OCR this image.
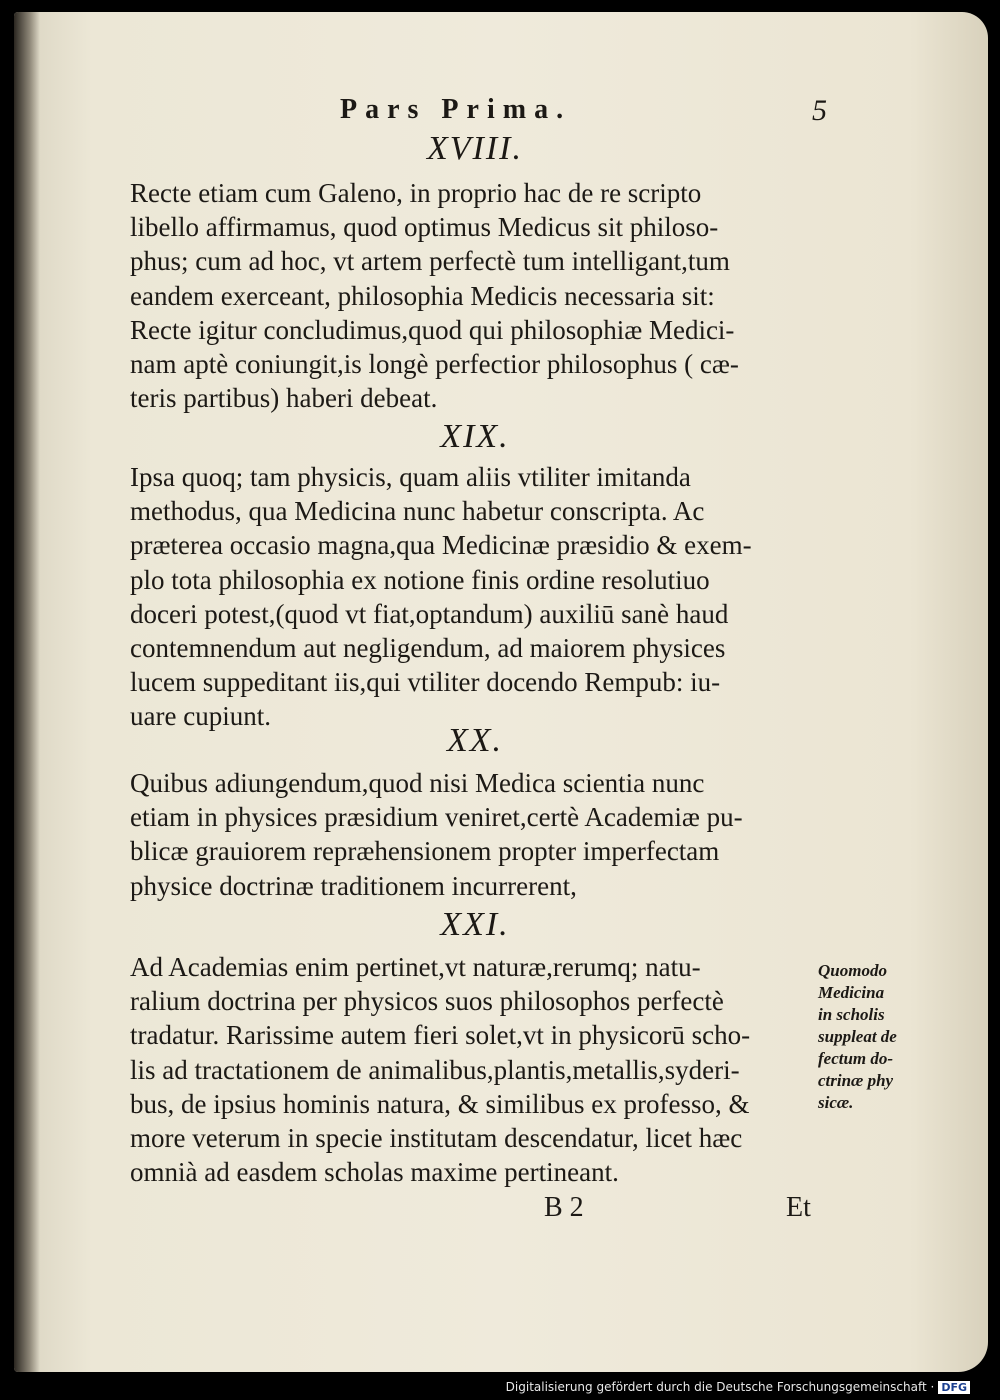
Pars Prima.	5
XVIII.
Recte etiam cum Galeno, in proprio hac de re scripto
libello affirmamus, quod optimus Medicus sit philoso-
phus; cum ad hoc, vt artem perfectè tum intelligant,tum
eandem exerceant, philosophia Medicis necessaria sit:
Recte igitur concludimus,quod qui philosophiæ Medici-
nam aptè coniungit,is longè perfectior philosophus ( cæ-
teris partibus) haberi debeat.
XIX.
Ipsa quoq; tam physicis, quam aliis vtiliter imitanda
methodus, qua Medicina nunc habetur conscripta. Ac
præterea occasio magna,qua Medicinæ præsidio & exem-
plo tota philosophia ex notione finis ordine resolutiuo
doceri potest,(quod vt fiat,optandum) auxiliū sanè haud
contemnendum aut negligendum, ad maiorem physices
lucem suppeditant iis,qui vtiliter docendo Rempub: iu-
uare cupiunt.
XX.
Quibus adiungendum,quod nisi Medica scientia nunc
etiam in physices præsidium veniret,certè Academiæ pu-
blicæ grauiorem repræhensionem propter imperfectam
physice doctrinæ traditionem incurrerent,
XXI.
Ad Academias enim pertinet,vt naturæ,rerumq; natu-
ralium doctrina per physicos suos philosophos perfectè
tradatur. Rarissime autem fieri solet,vt in physicorū scho-
lis ad tractationem de animalibus,plantis,metallis,syderi-
bus, de ipsius hominis natura, & similibus ex professo, &
more veterum in specie institutam descendatur, licet hæc
omnià ad easdem scholas maxime pertineant.
Quomodo
Medicina
in scholis
suppleat de
fectum do-
ctrinæ phy
sicæ.
B 2	Et
Digitalisierung gefördert durch die Deutsche Forschungsgemeinschaft · DFG
